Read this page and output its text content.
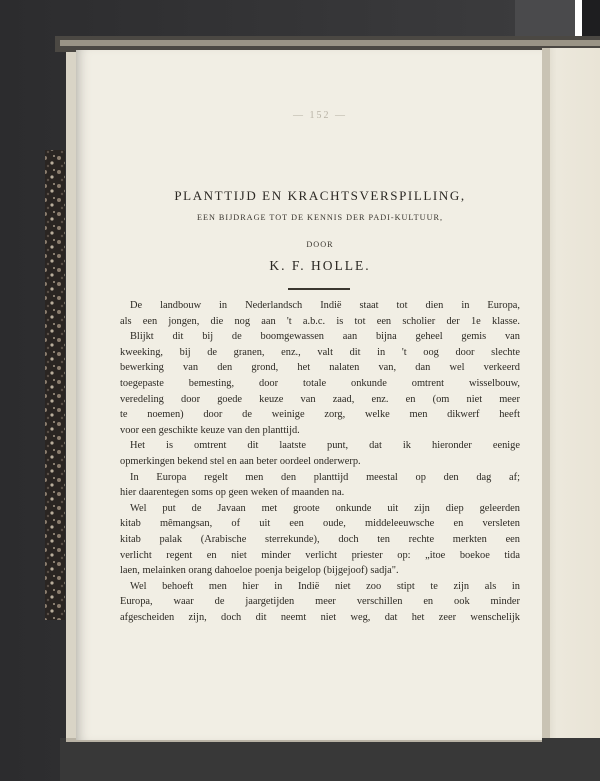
— 152 —
PLANTTIJD EN KRACHTSVERSPILLING,
EEN BIJDRAGE TOT DE KENNIS DER PADI-KULTUUR,
DOOR
K. F. HOLLE.
De landbouw in Nederlandsch Indië staat tot dien in Europa,
als een jongen, die nog aan 't a.b.c. is tot een scholier der 1e klasse.
Blijkt dit bij de boomgewassen aan bijna geheel gemis van
kweeking, bij de granen, enz., valt dit in 't oog door slechte
bewerking van den grond, het nalaten van, dan wel verkeerd
toegepaste bemesting, door totale onkunde omtrent wisselbouw,
veredeling door goede keuze van zaad, enz. en (om niet meer
te noemen) door de weinige zorg, welke men dikwerf heeft
voor een geschikte keuze van den planttijd.
Het is omtrent dit laatste punt, dat ik hieronder eenige
opmerkingen bekend stel en aan beter oordeel onderwerp.
In Europa regelt men den planttijd meestal op den dag af;
hier daarentegen soms op geen weken of maanden na.
Wel put de Javaan met groote onkunde uit zijn diep geleerden
kitab mêmangsan, of uit een oude, middeleeuwsche en versleten
kitab palak (Arabische sterrekunde), doch ten rechte merkten een
verlicht regent en niet minder verlicht priester op: „itoe boekoe tida
laen, melainken orang dahoeloe poenja beigelop (bijgejoof) sadja".
Wel behoeft men hier in Indië niet zoo stipt te zijn als in
Europa, waar de jaargetijden meer verschillen en ook minder
afgescheiden zijn, doch dit neemt niet weg, dat het zeer wenschelijk
